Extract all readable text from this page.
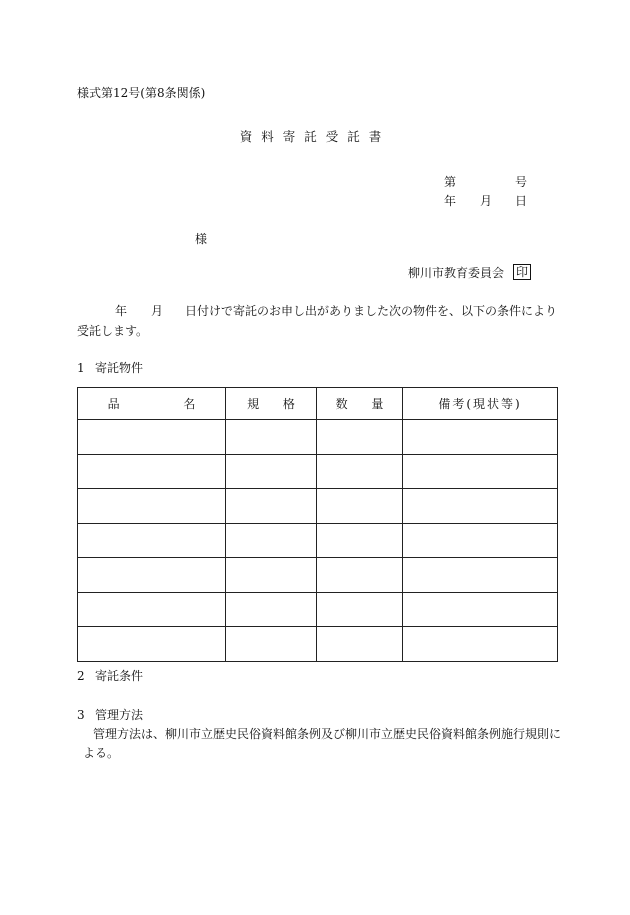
様式第12号(第8条関係)
資料寄託受託書
第	号
年 月 日
様
柳川市教育委員会 印
年 月 日付けで寄託のお申し出がありました次の物件を、以下の条件により
受託します。
1 寄託物件
品 名	規 格	数 量	備考(現状等)

2 寄託条件
3 管理方法
管理方法は、柳川市立歴史民俗資料館条例及び柳川市立歴史民俗資料館条例施行規則に
よる。
